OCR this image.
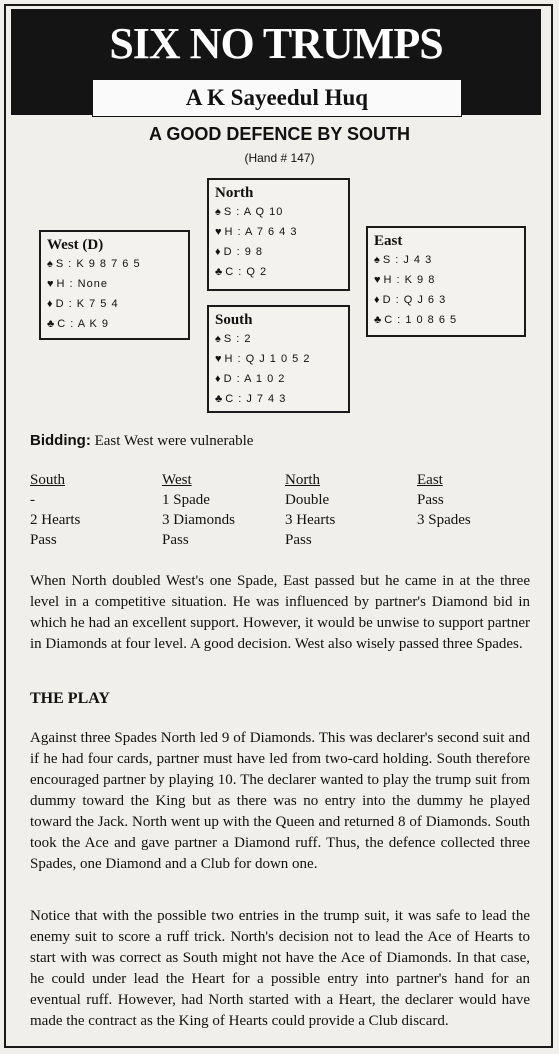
SIX NO TRUMPS
A K Sayeedul Huq
A GOOD DEFENCE BY SOUTH
(Hand # 147)
North
♠ S : A Q 10
♥ H : A 7 6 4 3
♦ D : 9 8
♣ C : Q 2
West (D)
♠ S : K 9 8 7 6 5
♥ H : None
♦ D : K 7 5 4
♣ C : A K 9
East
♠ S : J 4 3
♥ H : K 9 8
♦ D : Q J 6 3
♣ C : 1 0 8 6 5
South
♠ S : 2
♥ H : Q J 1 0 5 2
♦ D : A 1 0 2
♣ C : J 7 4 3
Bidding: East West were vulnerable
South
-
2 Hearts
Pass
West
1 Spade
3 Diamonds
Pass
North
Double
3 Hearts
Pass
East
Pass
3 Spades
When North doubled West's one Spade, East passed but he came in at the three level in a competitive situation. He was influenced by partner's Diamond bid in which he had an excellent support. However, it would be unwise to support partner in Diamonds at four level. A good decision. West also wisely passed three Spades.
THE PLAY
Against three Spades North led 9 of Diamonds. This was declarer's second suit and if he had four cards, partner must have led from two-card holding. South therefore encouraged partner by playing 10. The declarer wanted to play the trump suit from dummy toward the King but as there was no entry into the dummy he played toward the Jack. North went up with the Queen and returned 8 of Diamonds. South took the Ace and gave partner a Diamond ruff. Thus, the defence collected three Spades, one Diamond and a Club for down one.
Notice that with the possible two entries in the trump suit, it was safe to lead the enemy suit to score a ruff trick. North's decision not to lead the Ace of Hearts to start with was correct as South might not have the Ace of Diamonds. In that case, he could under lead the Heart for a possible entry into partner's hand for an eventual ruff. However, had North started with a Heart, the declarer would have made the contract as the King of Hearts could provide a Club discard.
